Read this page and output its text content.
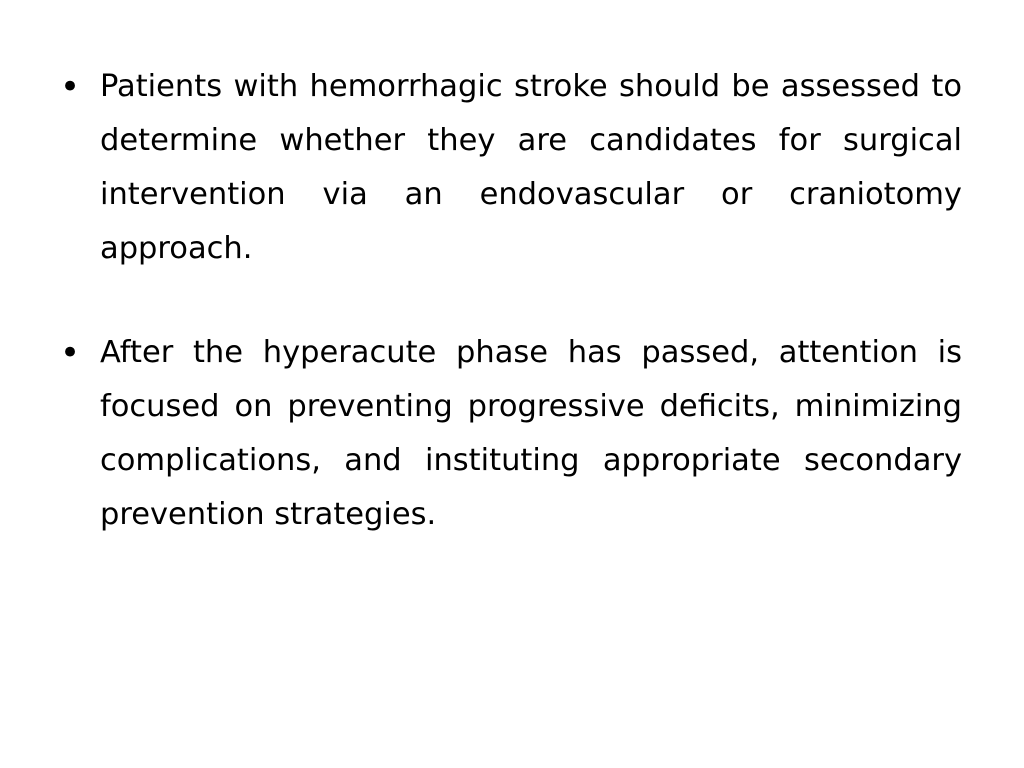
• Patients with hemorrhagic stroke should be assessed to determine whether they are candidates for surgical intervention via an endovascular or craniotomy approach.
• After the hyperacute phase has passed, attention is focused on preventing progressive deficits, minimizing complications, and instituting appropriate secondary prevention strategies.
